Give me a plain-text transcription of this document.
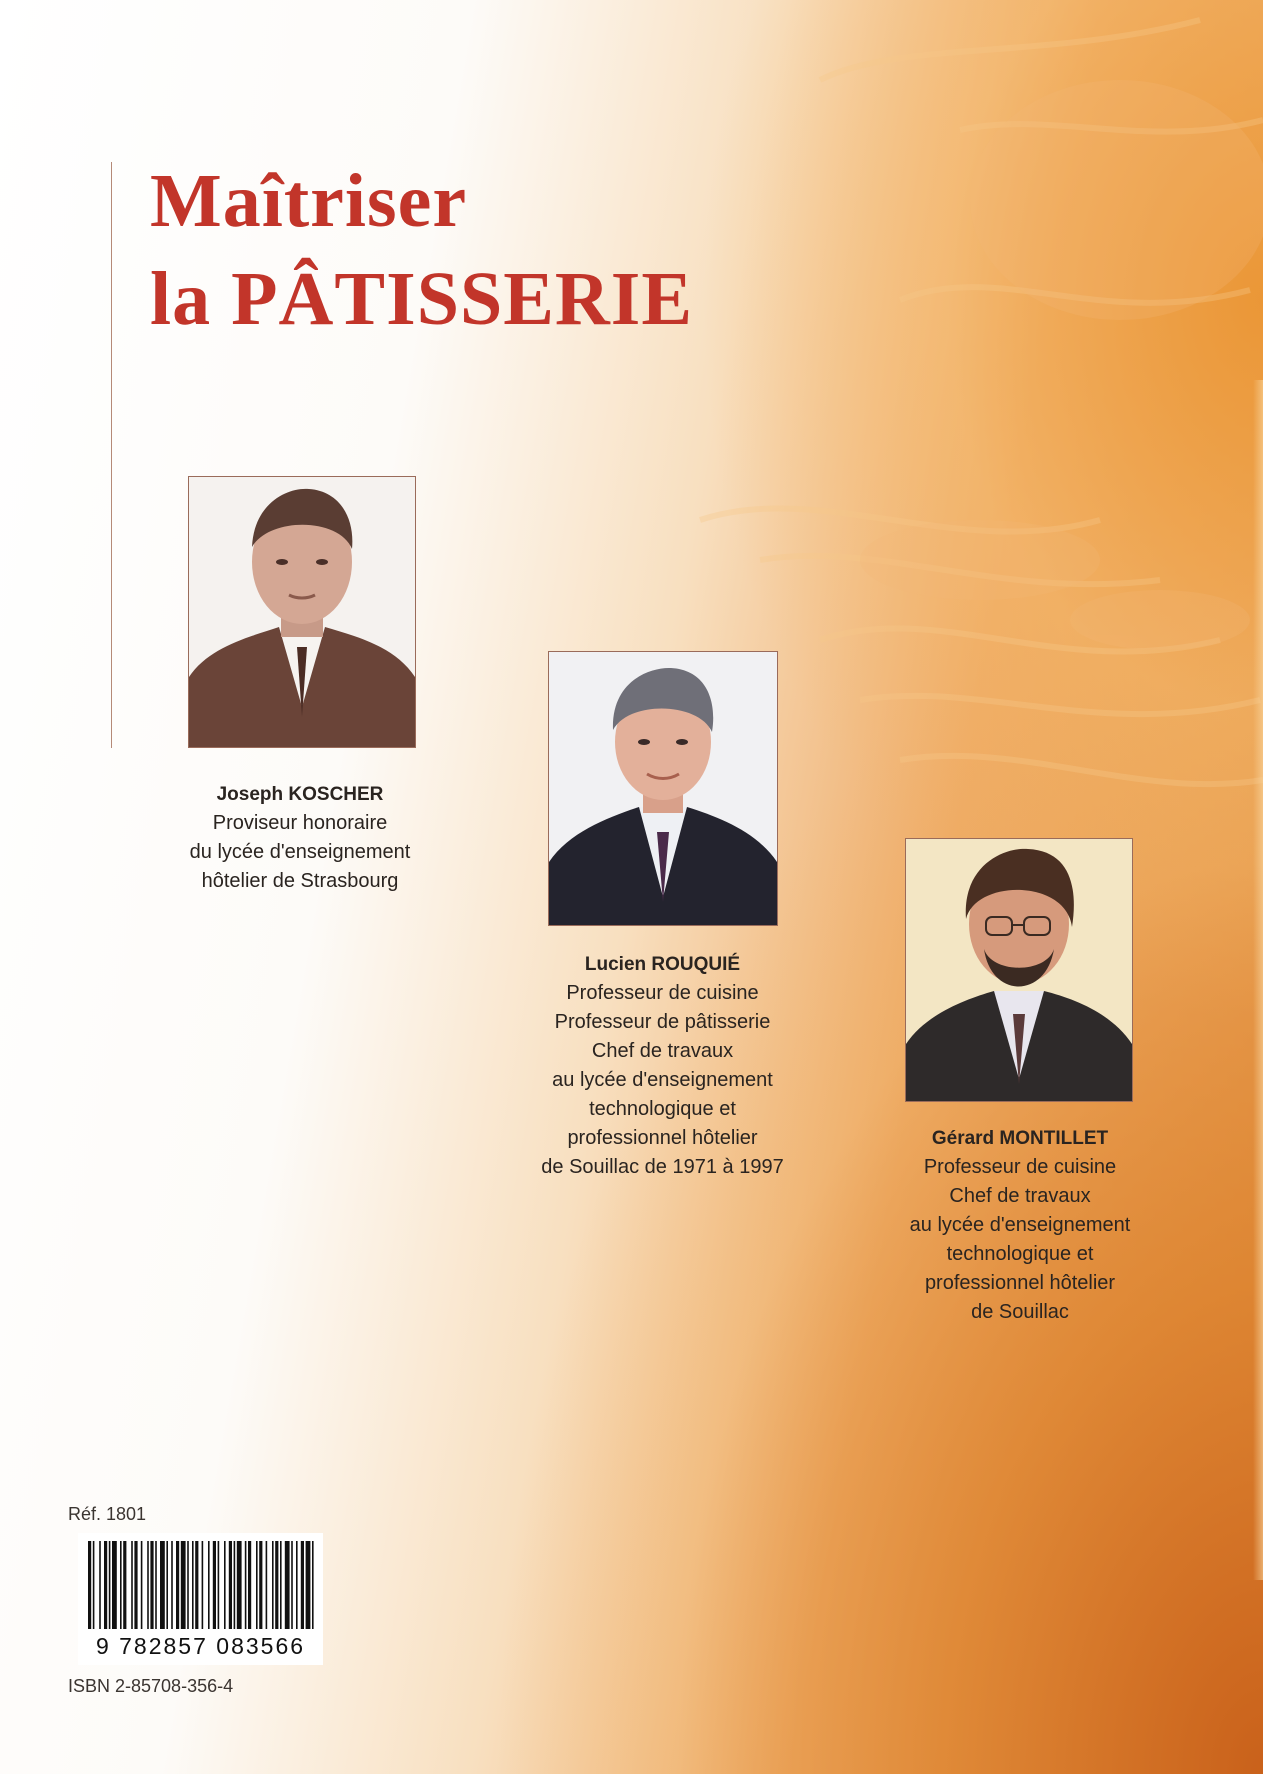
Maîtriser
la PÂTISSERIE
Joseph KOSCHER
Proviseur honoraire
du lycée d'enseignement
hôtelier de Strasbourg
Lucien ROUQUIÉ
Professeur de cuisine
Professeur de pâtisserie
Chef de travaux
au lycée d'enseignement
technologique et
professionnel hôtelier
de Souillac de 1971 à 1997
Gérard MONTILLET
Professeur de cuisine
Chef de travaux
au lycée d'enseignement
technologique et
professionnel hôtelier
de Souillac
Réf. 1801
9 782857 083566
ISBN 2-85708-356-4
